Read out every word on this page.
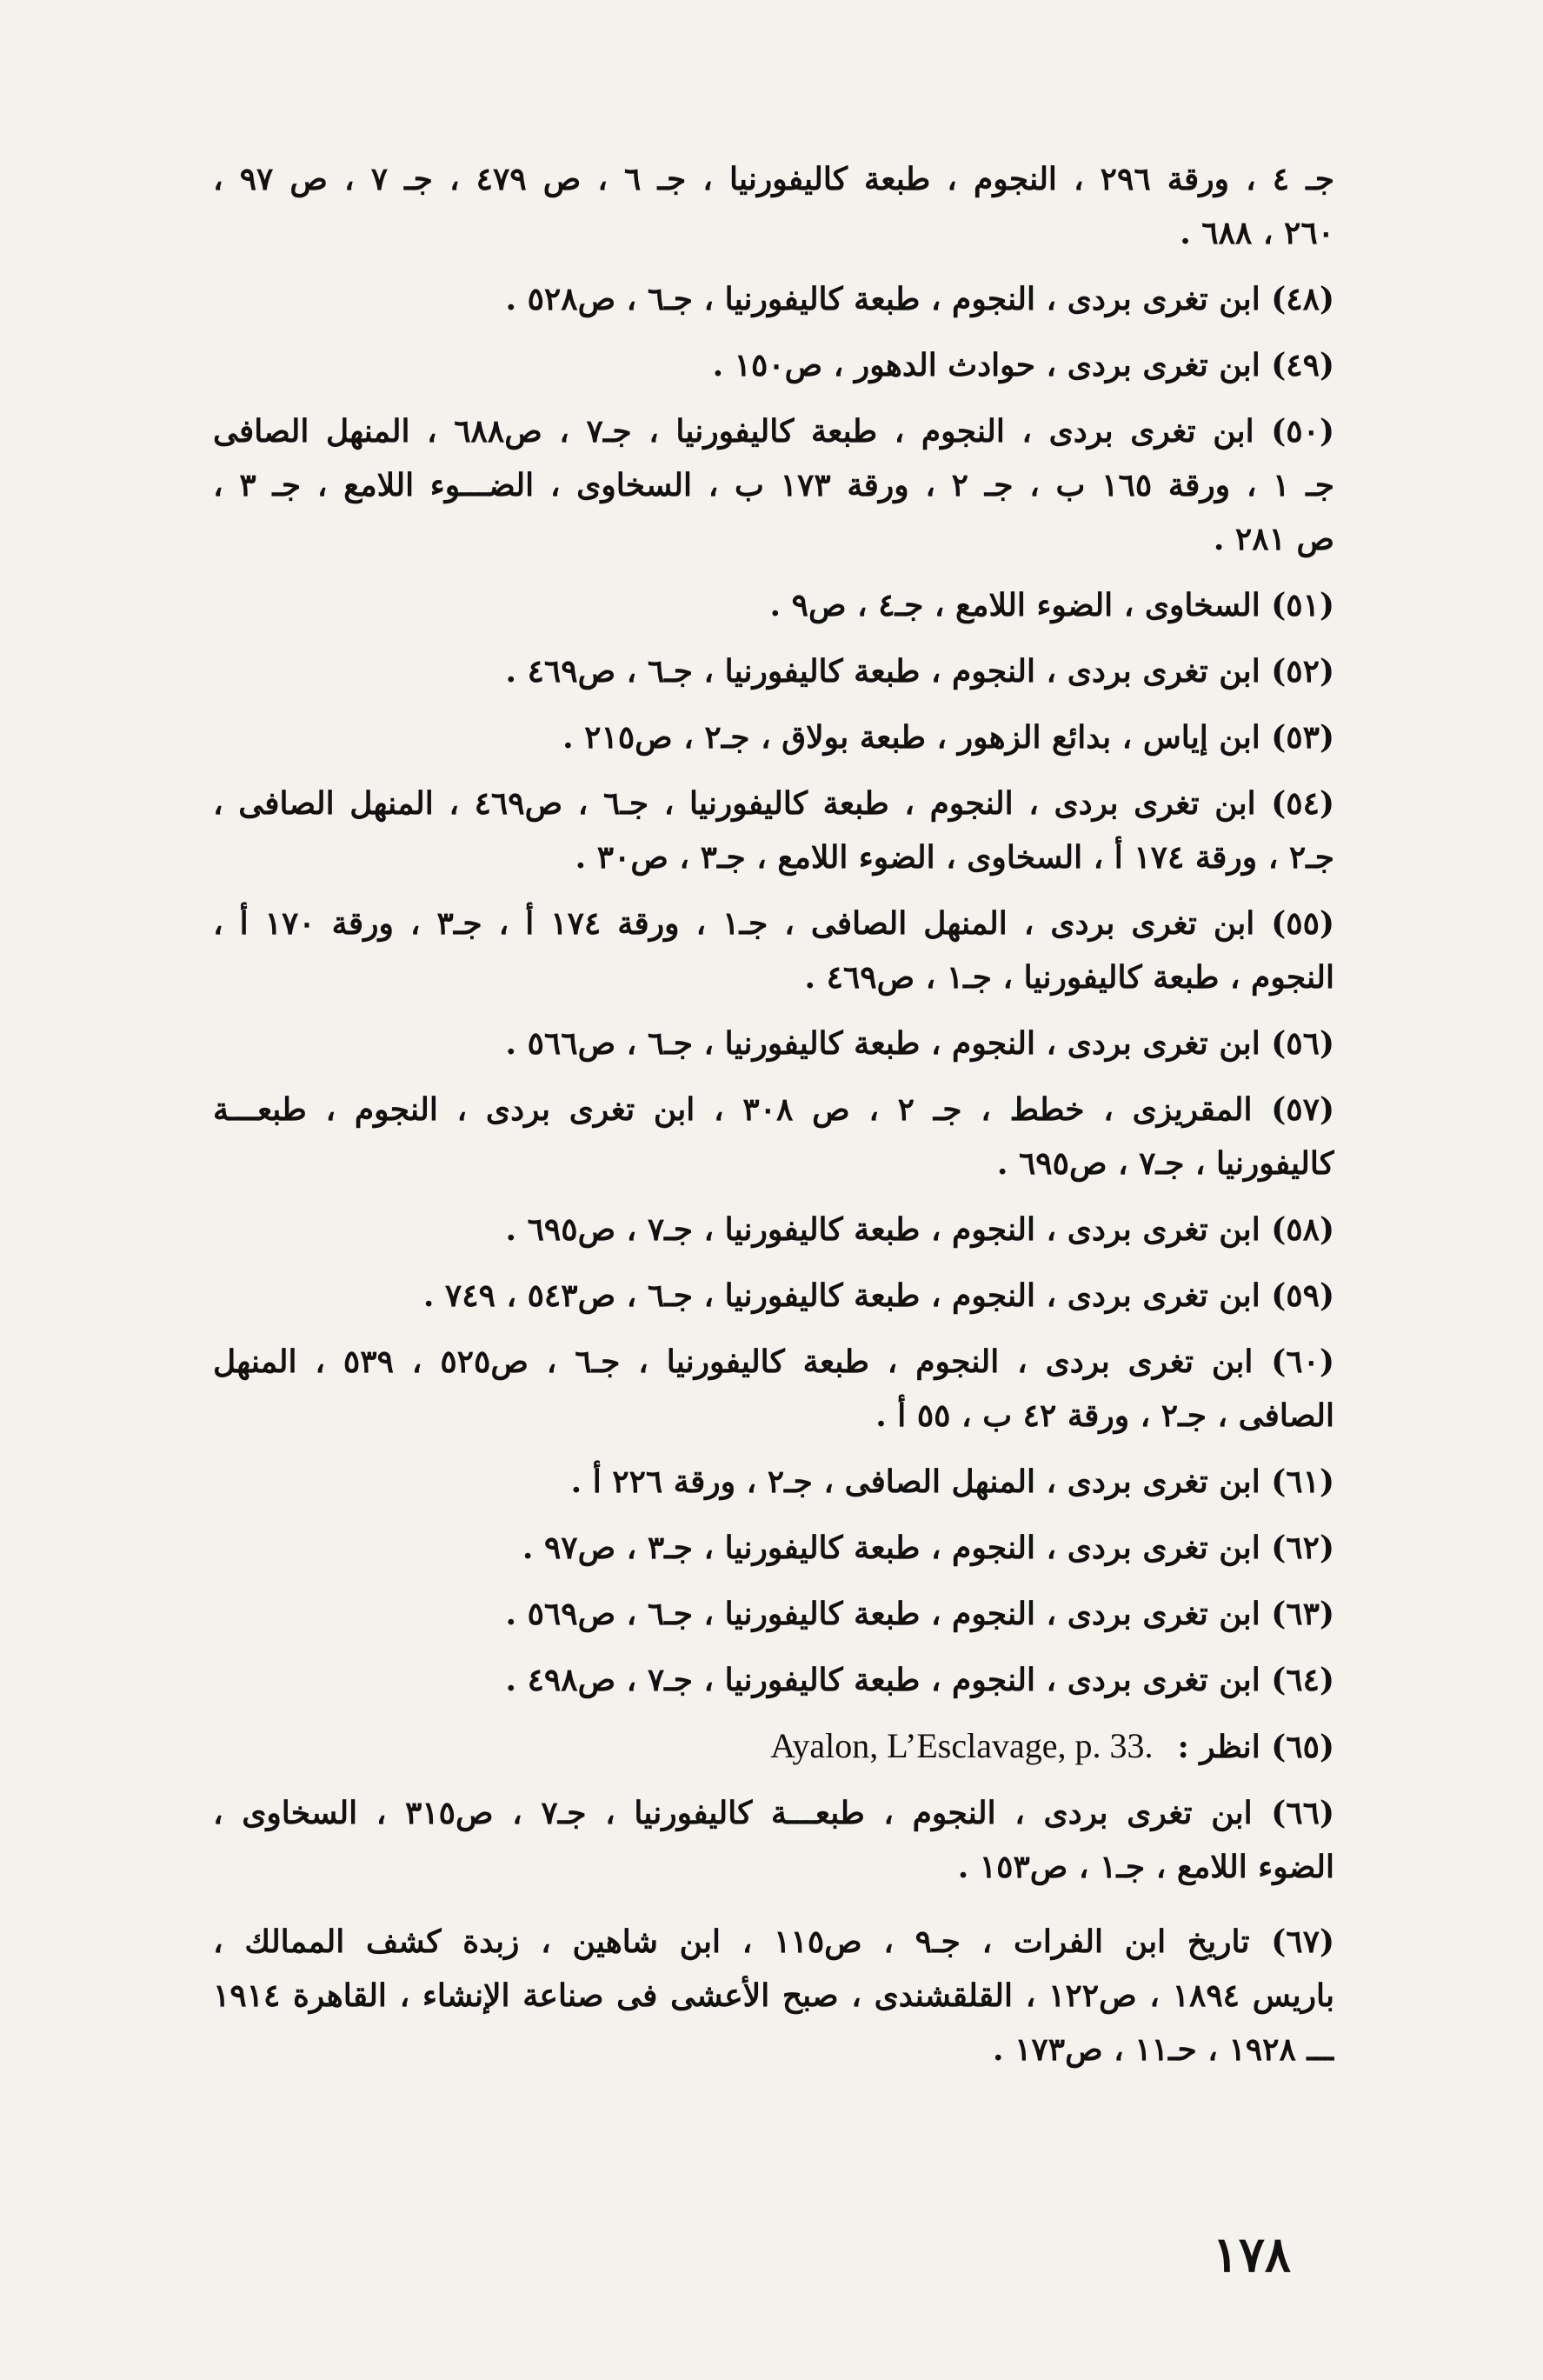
جـ ٤ ، ورقة ٢٩٦ ، النجوم ، طبعة كاليفورنيا ، جـ ٦ ، ص ٤٧٩ ، جـ ٧ ، ص ٩٧ ،
٢٦٠ ، ٦٨٨ .
(٤٨) ابن تغرى بردى ، النجوم ، طبعة كاليفورنيا ، جـ٦ ، ص٥٢٨ .
(٤٩) ابن تغرى بردى ، حوادث الدهور ، ص١٥٠ .
(٥٠) ابن تغرى بردى ، النجوم ، طبعة كاليفورنيا ، جـ٧ ، ص٦٨٨ ، المنهل الصافى
جـ ١ ، ورقة ١٦٥ ب ، جـ ٢ ، ورقة ١٧٣ ب ، السخاوى ، الضـــوء اللامع ، جـ ٣ ،
ص ٢٨١ .
(٥١) السخاوى ، الضوء اللامع ، جـ٤ ، ص٩ .
(٥٢) ابن تغرى بردى ، النجوم ، طبعة كاليفورنيا ، جـ٦ ، ص٤٦٩ .
(٥٣) ابن إياس ، بدائع الزهور ، طبعة بولاق ، جـ٢ ، ص٢١٥ .
(٥٤) ابن تغرى بردى ، النجوم ، طبعة كاليفورنيا ، جـ٦ ، ص٤٦٩ ، المنهل الصافى ،
جـ٢ ، ورقة ١٧٤ أ ، السخاوى ، الضوء اللامع ، جـ٣ ، ص٣٠ .
(٥٥) ابن تغرى بردى ، المنهل الصافى ، جـ١ ، ورقة ١٧٤ أ ، جـ٣ ، ورقة ١٧٠ أ ،
النجوم ، طبعة كاليفورنيا ، جـ١ ، ص٤٦٩ .
(٥٦) ابن تغرى بردى ، النجوم ، طبعة كاليفورنيا ، جـ٦ ، ص٥٦٦ .
(٥٧) المقريزى ، خطط ، جـ ٢ ، ص ٣٠٨ ، ابن تغرى بردى ، النجوم ، طبعـــة
كاليفورنيا ، جـ٧ ، ص٦٩٥ .
(٥٨) ابن تغرى بردى ، النجوم ، طبعة كاليفورنيا ، جـ٧ ، ص٦٩٥ .
(٥٩) ابن تغرى بردى ، النجوم ، طبعة كاليفورنيا ، جـ٦ ، ص٥٤٣ ، ٧٤٩ .
(٦٠) ابن تغرى بردى ، النجوم ، طبعة كاليفورنيا ، جـ٦ ، ص٥٢٥ ، ٥٣٩ ، المنهل
الصافى ، جـ٢ ، ورقة ٤٢ ب ، ٥٥ أ .
(٦١) ابن تغرى بردى ، المنهل الصافى ، جـ٢ ، ورقة ٢٢٦ أ .
(٦٢) ابن تغرى بردى ، النجوم ، طبعة كاليفورنيا ، جـ٣ ، ص٩٧ .
(٦٣) ابن تغرى بردى ، النجوم ، طبعة كاليفورنيا ، جـ٦ ، ص٥٦٩ .
(٦٤) ابن تغرى بردى ، النجوم ، طبعة كاليفورنيا ، جـ٧ ، ص٤٩٨ .
(٦٥) انظر :
Ayalon, L’Esclavage, p. 33.
(٦٦) ابن تغرى بردى ، النجوم ، طبعـــة كاليفورنيا ، جـ٧ ، ص٣١٥ ، السخاوى ،
الضوء اللامع ، جـ١ ، ص١٥٣ .
(٦٧) تاريخ ابن الفرات ، جـ٩ ، ص١١٥ ، ابن شاهين ، زبدة كشف الممالك ،
باريس ١٨٩٤ ، ص١٢٢ ، القلقشندى ، صبح الأعشى فى صناعة الإنشاء ، القاهرة ١٩١٤
ـــ ١٩٢٨ ، حـ١١ ، ص١٧٣ .
١٧٨
